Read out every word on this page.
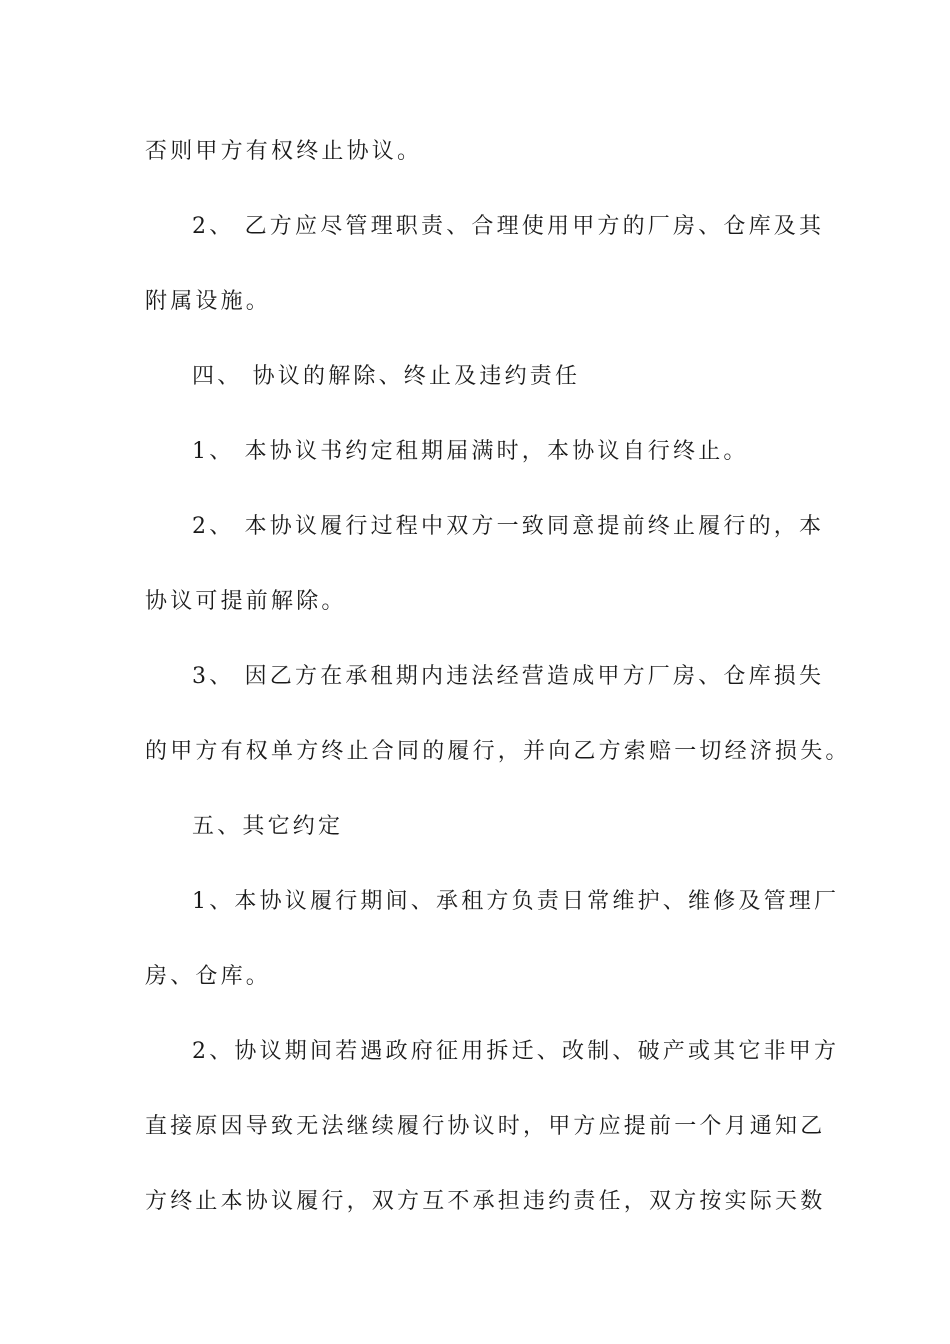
否则甲方有权终止协议。
2、 乙方应尽管理职责、合理使用甲方的厂房、仓库及其
附属设施。
四、 协议的解除、终止及违约责任
1、 本协议书约定租期届满时，本协议自行终止。
2、 本协议履行过程中双方一致同意提前终止履行的，本
协议可提前解除。
3、 因乙方在承租期内违法经营造成甲方厂房、仓库损失
的甲方有权单方终止合同的履行，并向乙方索赔一切经济损失。
五、其它约定
1、本协议履行期间、承租方负责日常维护、维修及管理厂
房、仓库。
2、协议期间若遇政府征用拆迁、改制、破产或其它非甲方
直接原因导致无法继续履行协议时，甲方应提前一个月通知乙
方终止本协议履行，双方互不承担违约责任，双方按实际天数
